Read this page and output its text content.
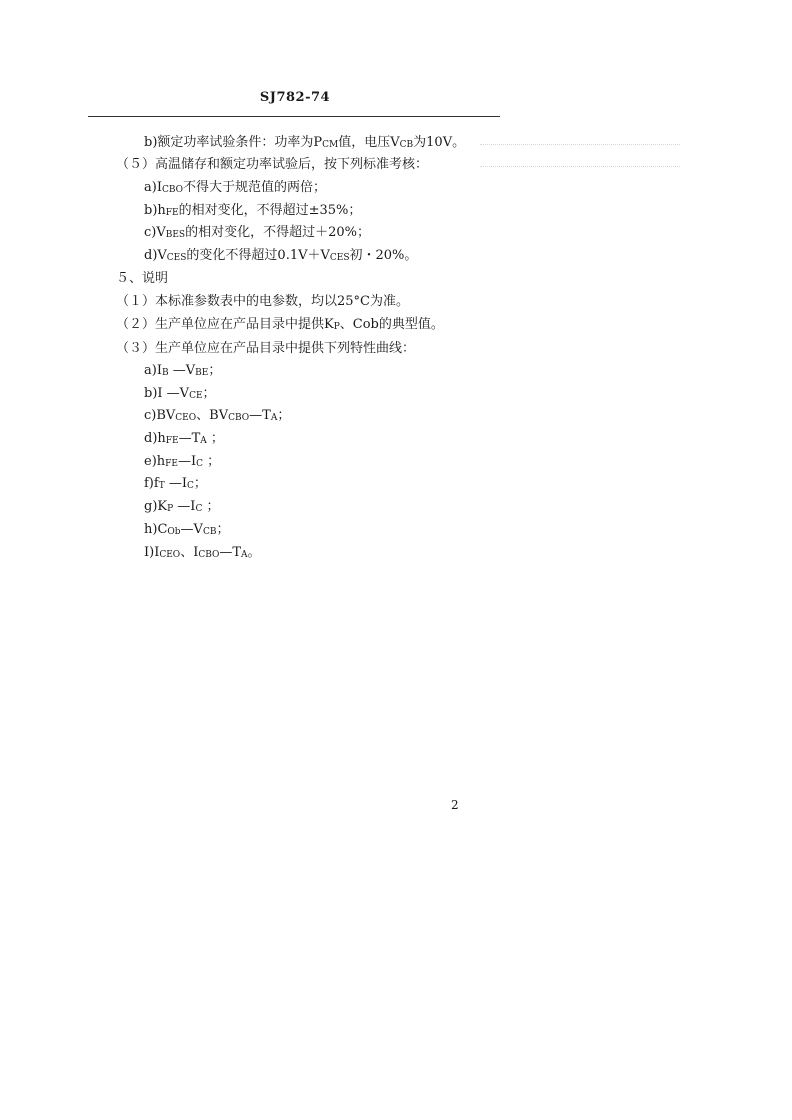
SJ782-74
b)额定功率试验条件：功率为PCM值，电压VCB为10V。
（５）高温储存和额定功率试验后，按下列标准考核：
a)ICBO不得大于规范值的两倍；
b)hFE的相对变化，不得超过±35%；
c)VBES的相对变化，不得超过＋20%；
d)VCES的变化不得超过0.1V＋VCES初・20%。
５、说明
（１）本标准参数表中的电参数，均以25°C为准。
（２）生产单位应在产品目录中提供KP、Cob的典型值。
（３）生产单位应在产品目录中提供下列特性曲线：
a)IB —VBE；
b)I —VCE；
c)BVCEO、BVCBO—TA；
d)hFE—TA ；
e)hFE—IC ；
f)fT —IC；
g)KP —IC ；
h)COb—VCB；
I)ICEO、ICBO—TA。
2
